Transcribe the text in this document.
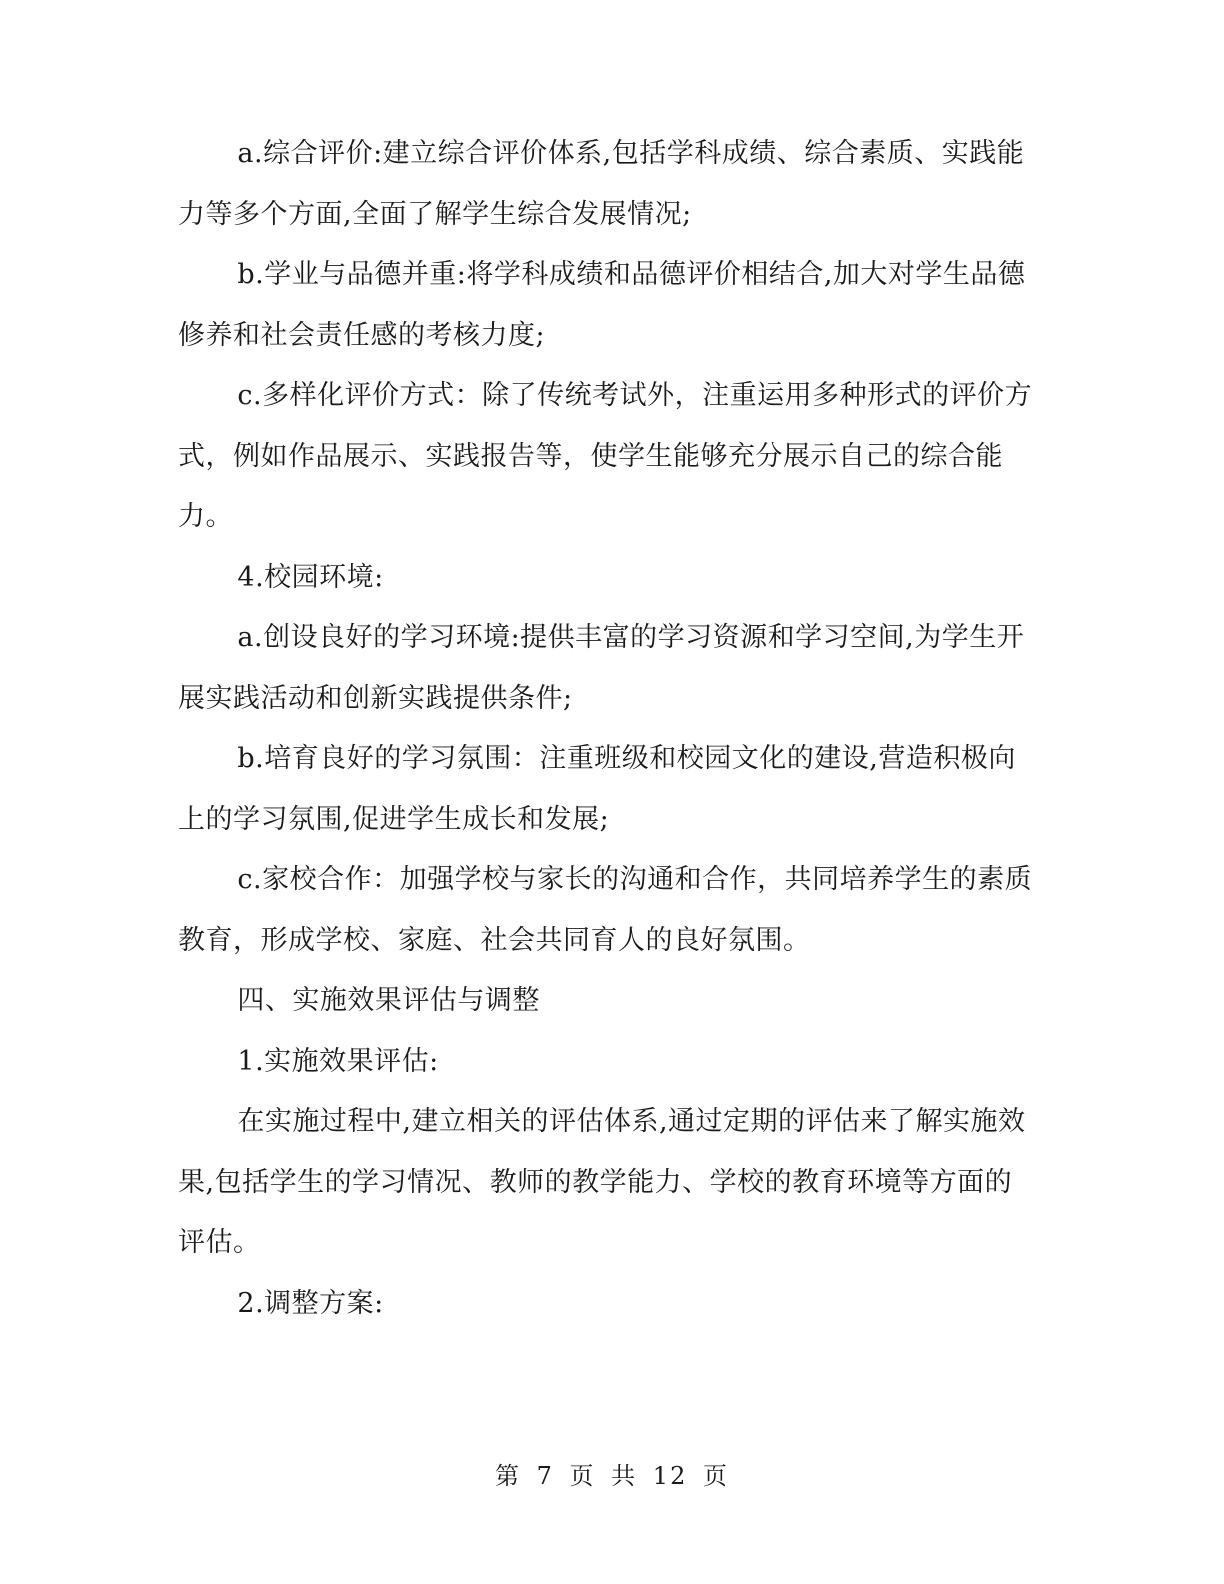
a.综合评价:建立综合评价体系,包括学科成绩、综合素质、实践能力等多个方面,全面了解学生综合发展情况;

b.学业与品德并重:将学科成绩和品德评价相结合,加大对学生品德修养和社会责任感的考核力度;

c.多样化评价方式：除了传统考试外，注重运用多种形式的评价方式，例如作品展示、实践报告等，使学生能够充分展示自己的综合能力。

4.校园环境:

a.创设良好的学习环境:提供丰富的学习资源和学习空间,为学生开展实践活动和创新实践提供条件;

b.培育良好的学习氛围：注重班级和校园文化的建设,营造积极向上的学习氛围,促进学生成长和发展;

c.家校合作：加强学校与家长的沟通和合作，共同培养学生的素质教育，形成学校、家庭、社会共同育人的良好氛围。

四、实施效果评估与调整

1.实施效果评估:

在实施过程中,建立相关的评估体系,通过定期的评估来了解实施效果,包括学生的学习情况、教师的教学能力、学校的教育环境等方面的评估。

2.调整方案:

第 7 页 共 12 页
